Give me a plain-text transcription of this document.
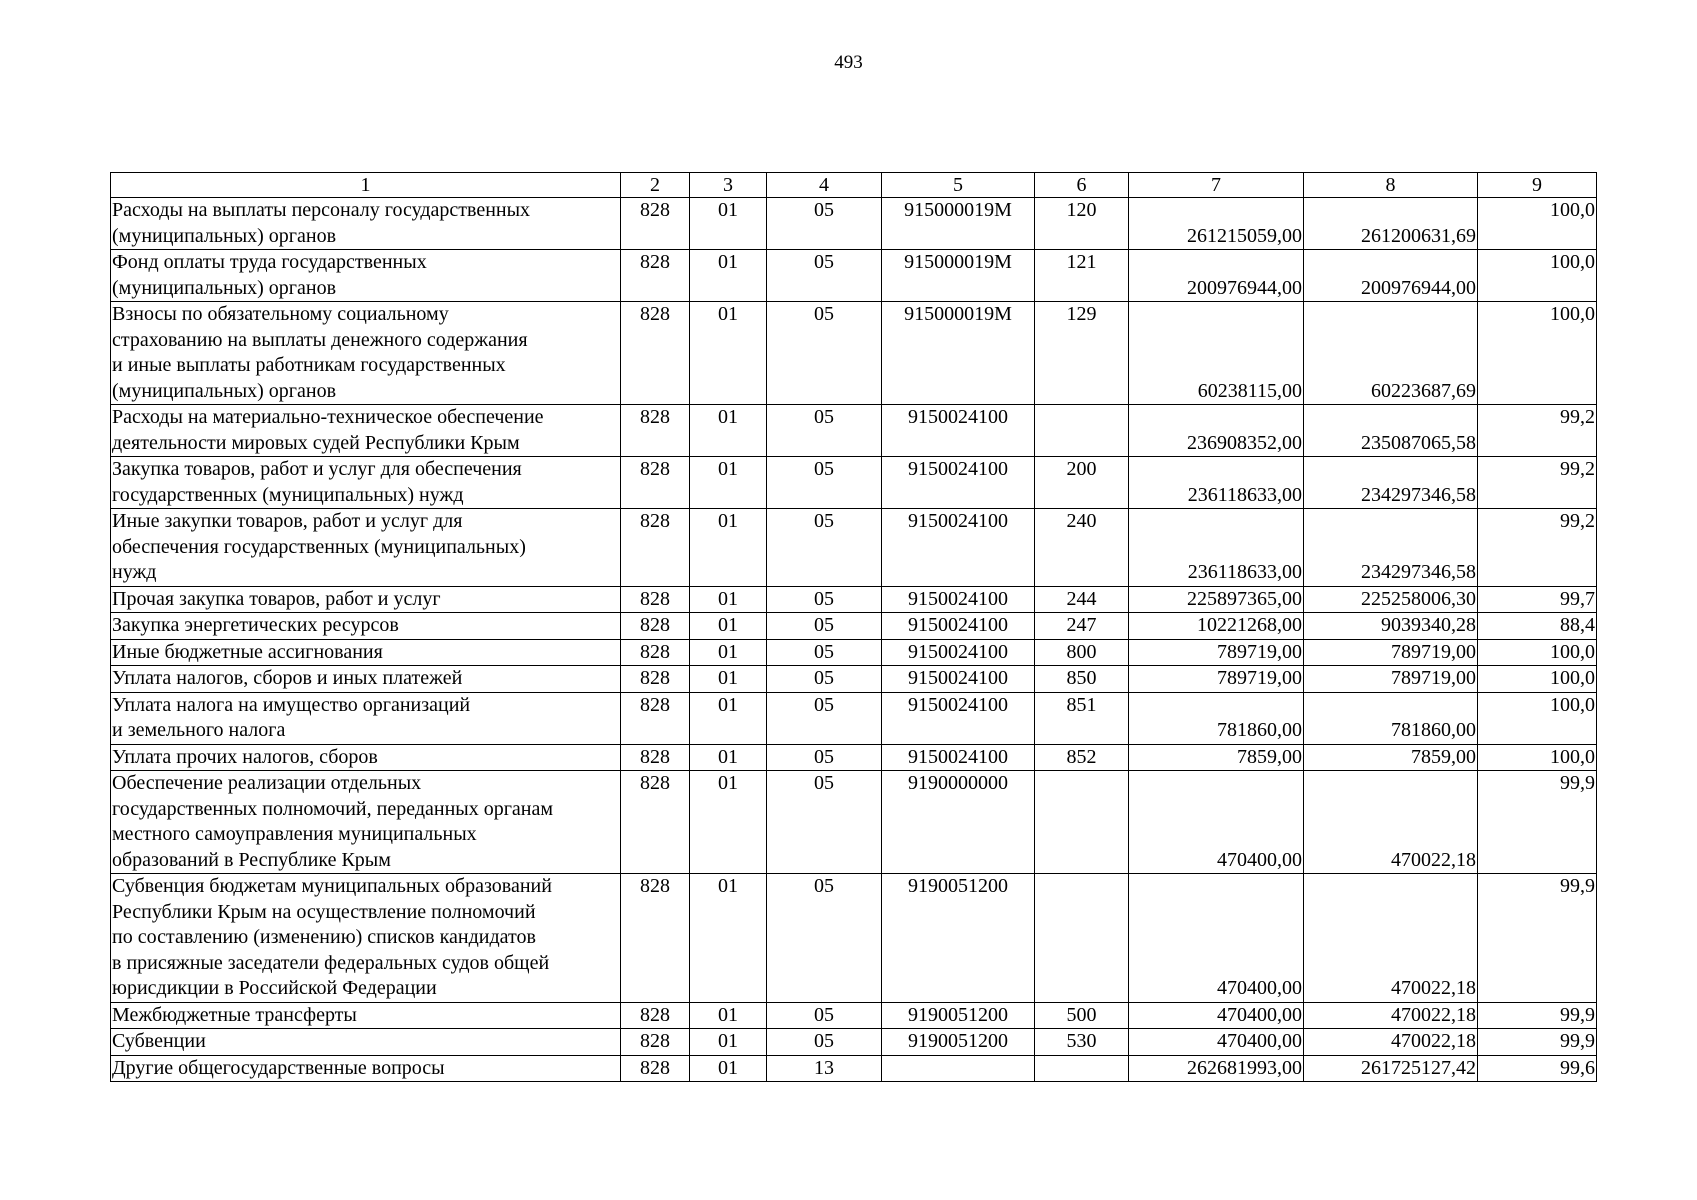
493
1	2	3	4	5	6	7	8	9
Расходы на выплаты персоналу государственных
(муниципальных) органов	828	01	05	915000019М	120	261215059,00	261200631,69	100,0
Фонд оплаты труда государственных
(муниципальных) органов	828	01	05	915000019М	121	200976944,00	200976944,00	100,0
Взносы по обязательному социальному
страхованию на выплаты денежного содержания
и иные выплаты работникам государственных
(муниципальных) органов	828	01	05	915000019М	129	60238115,00	60223687,69	100,0
Расходы на материально-техническое обеспечение
деятельности мировых судей Республики Крым	828	01	05	9150024100		236908352,00	235087065,58	99,2
Закупка товаров, работ и услуг для обеспечения
государственных (муниципальных) нужд	828	01	05	9150024100	200	236118633,00	234297346,58	99,2
Иные закупки товаров, работ и услуг для
обеспечения государственных (муниципальных)
нужд	828	01	05	9150024100	240	236118633,00	234297346,58	99,2
Прочая закупка товаров, работ и услуг	828	01	05	9150024100	244	225897365,00	225258006,30	99,7
Закупка энергетических ресурсов	828	01	05	9150024100	247	10221268,00	9039340,28	88,4
Иные бюджетные ассигнования	828	01	05	9150024100	800	789719,00	789719,00	100,0
Уплата налогов, сборов и иных платежей	828	01	05	9150024100	850	789719,00	789719,00	100,0
Уплата налога на имущество организаций
и земельного налога	828	01	05	9150024100	851	781860,00	781860,00	100,0
Уплата прочих налогов, сборов	828	01	05	9150024100	852	7859,00	7859,00	100,0
Обеспечение реализации отдельных
государственных полномочий, переданных органам
местного самоуправления муниципальных
образований в Республике Крым	828	01	05	9190000000		470400,00	470022,18	99,9
Субвенция бюджетам муниципальных образований
Республики Крым на осуществление полномочий
по составлению (изменению) списков кандидатов
в присяжные заседатели федеральных судов общей
юрисдикции в Российской Федерации	828	01	05	9190051200		470400,00	470022,18	99,9
Межбюджетные трансферты	828	01	05	9190051200	500	470400,00	470022,18	99,9
Субвенции	828	01	05	9190051200	530	470400,00	470022,18	99,9
Другие общегосударственные вопросы	828	01	13			262681993,00	261725127,42	99,6
